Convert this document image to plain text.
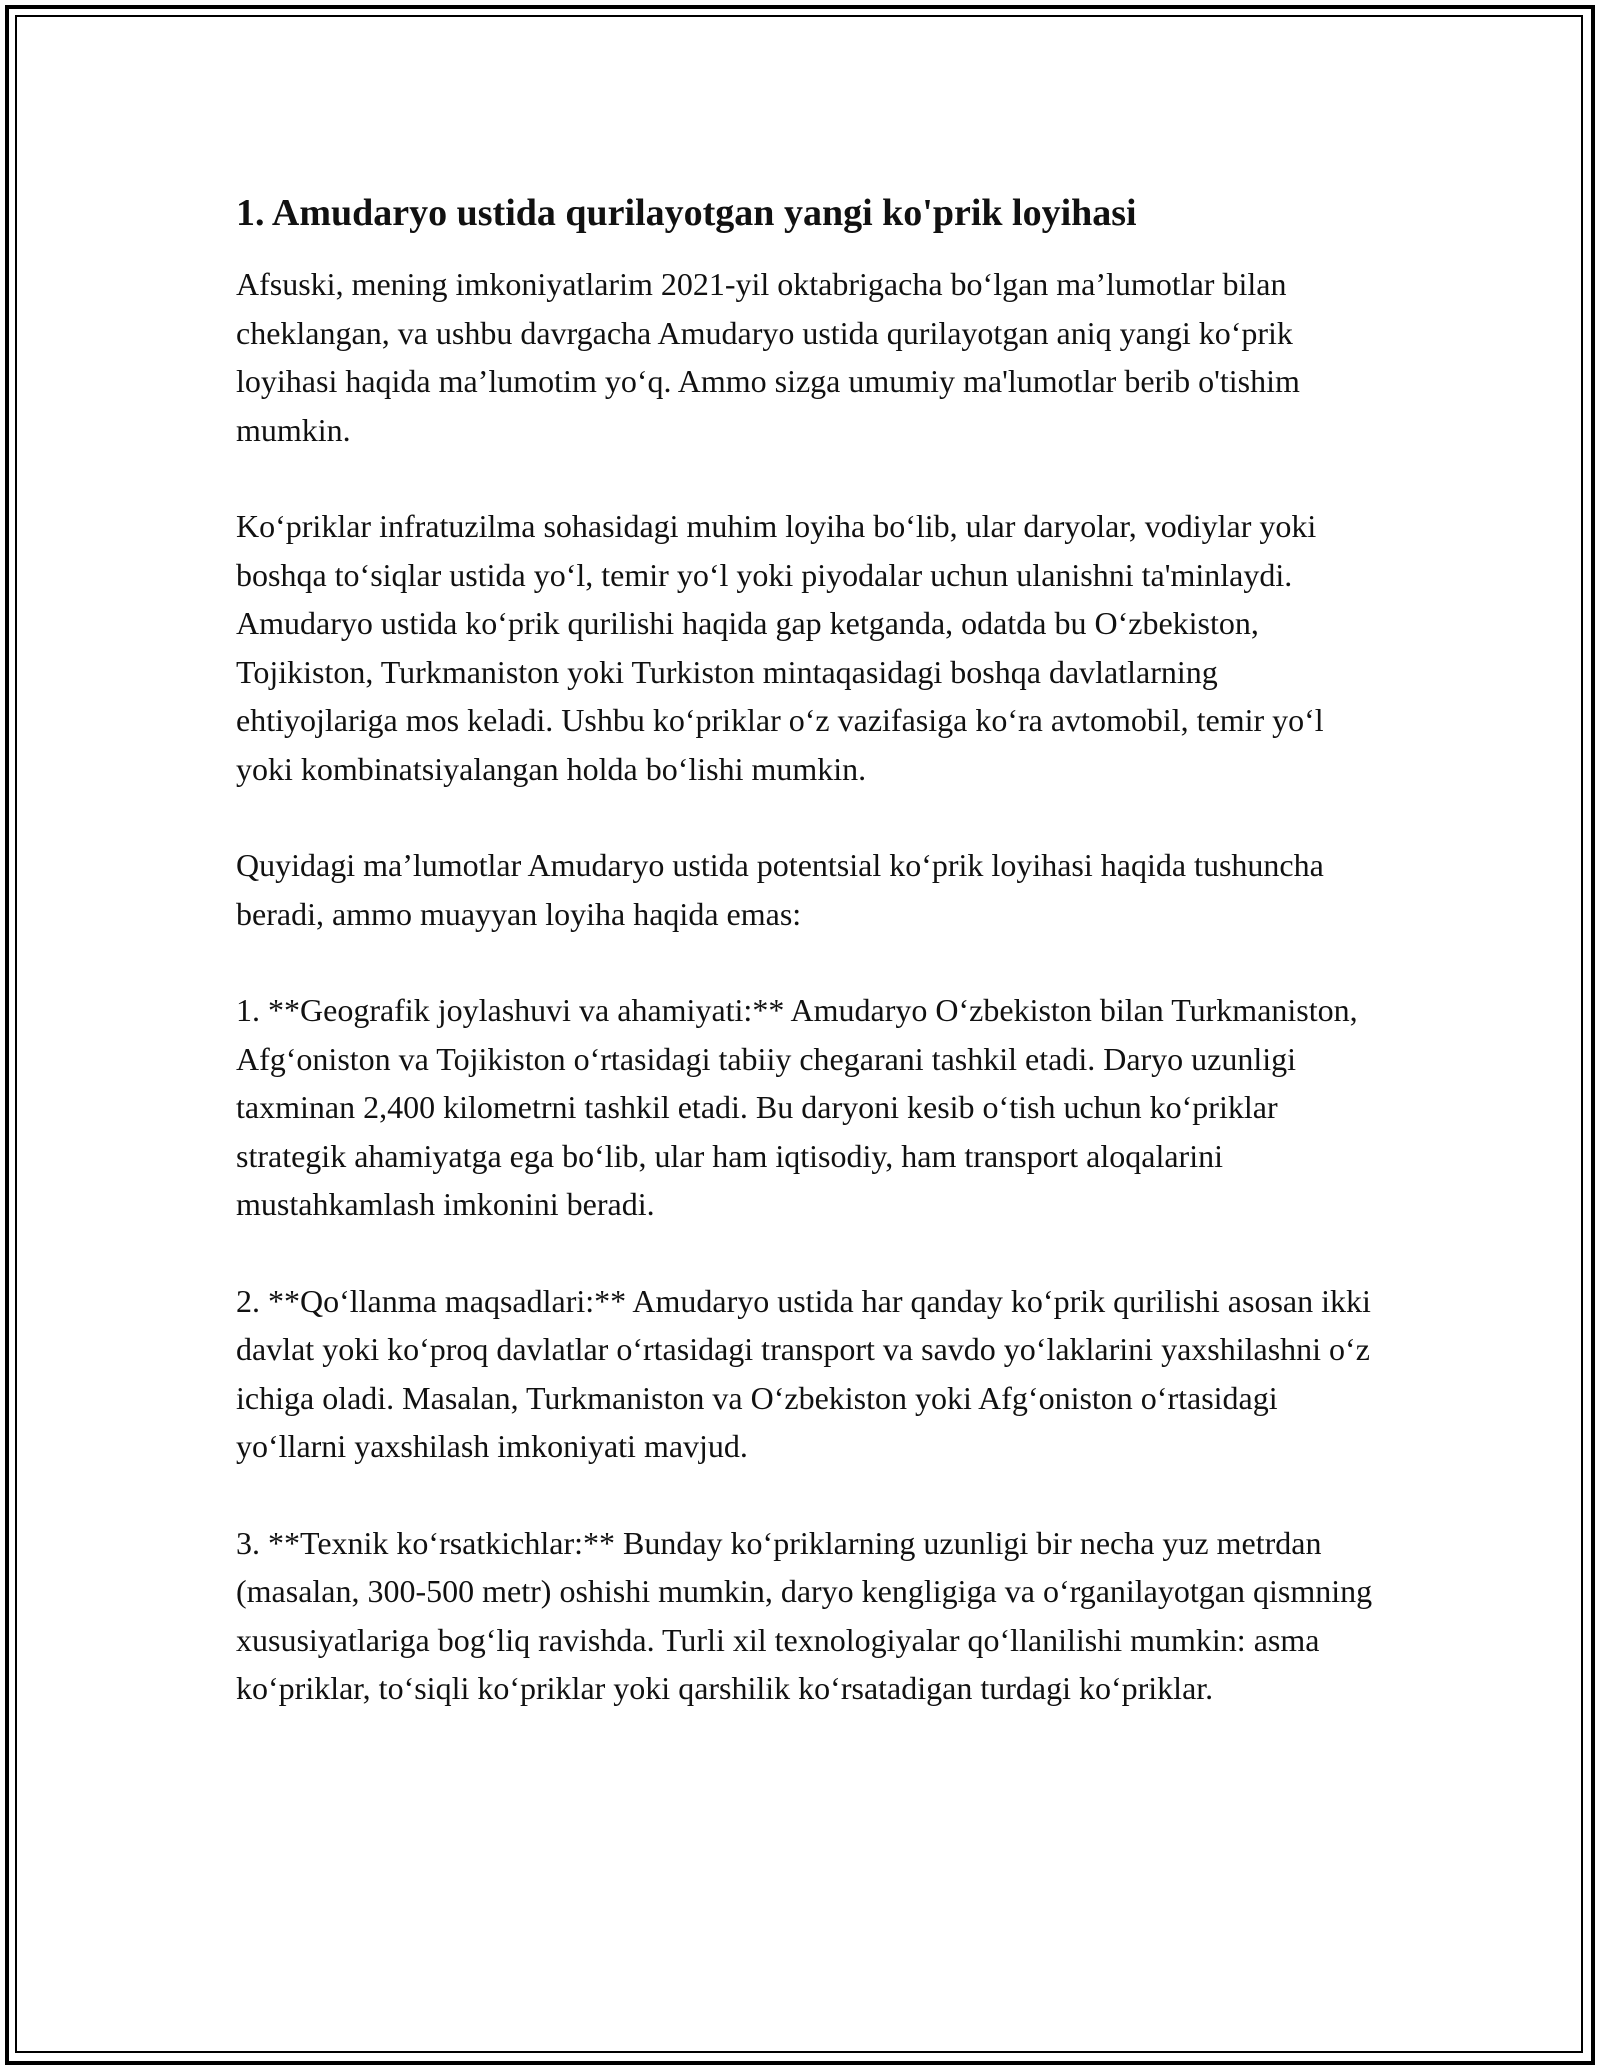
1. Amudaryo ustida qurilayotgan yangi ko'prik loyihasi

Afsuski, mening imkoniyatlarim 2021-yil oktabrigacha boʻlgan maʼlumotlar bilan cheklangan, va ushbu davrgacha Amudaryo ustida qurilayotgan aniq yangi koʻprik loyihasi haqida maʼlumotim yoʻq. Ammo sizga umumiy ma'lumotlar berib o'tishim mumkin.

Koʻpriklar infratuzilma sohasidagi muhim loyiha boʻlib, ular daryolar, vodiylar yoki boshqa toʻsiqlar ustida yoʻl, temir yoʻl yoki piyodalar uchun ulanishni ta'minlaydi. Amudaryo ustida koʻprik qurilishi haqida gap ketganda, odatda bu Oʻzbekiston, Tojikiston, Turkmaniston yoki Turkiston mintaqasidagi boshqa davlatlarning ehtiyojlariga mos keladi. Ushbu koʻpriklar oʻz vazifasiga koʻra avtomobil, temir yoʻl yoki kombinatsiyalangan holda boʻlishi mumkin.

Quyidagi maʼlumotlar Amudaryo ustida potentsial koʻprik loyihasi haqida tushuncha beradi, ammo muayyan loyiha haqida emas:

1. **Geografik joylashuvi va ahamiyati:** Amudaryo Oʻzbekiston bilan Turkmaniston, Afgʻoniston va Tojikiston oʻrtasidagi tabiiy chegarani tashkil etadi. Daryo uzunligi taxminan 2,400 kilometrni tashkil etadi. Bu daryoni kesib oʻtish uchun koʻpriklar strategik ahamiyatga ega boʻlib, ular ham iqtisodiy, ham transport aloqalarini mustahkamlash imkonini beradi.

2. **Qoʻllanma maqsadlari:** Amudaryo ustida har qanday koʻprik qurilishi asosan ikki davlat yoki koʻproq davlatlar oʻrtasidagi transport va savdo yoʻlaklarini yaxshilashni oʻz ichiga oladi. Masalan, Turkmaniston va Oʻzbekiston yoki Afgʻoniston oʻrtasidagi yoʻllarni yaxshilash imkoniyati mavjud.

3. **Texnik koʻrsatkichlar:** Bunday koʻpriklarning uzunligi bir necha yuz metrdan (masalan, 300-500 metr) oshishi mumkin, daryo kengligiga va oʻrganilayotgan qismning xususiyatlariga bogʻliq ravishda. Turli xil texnologiyalar qoʻllanilishi mumkin: asma koʻpriklar, toʻsiqli koʻpriklar yoki qarshilik koʻrsatadigan turdagi koʻpriklar.
